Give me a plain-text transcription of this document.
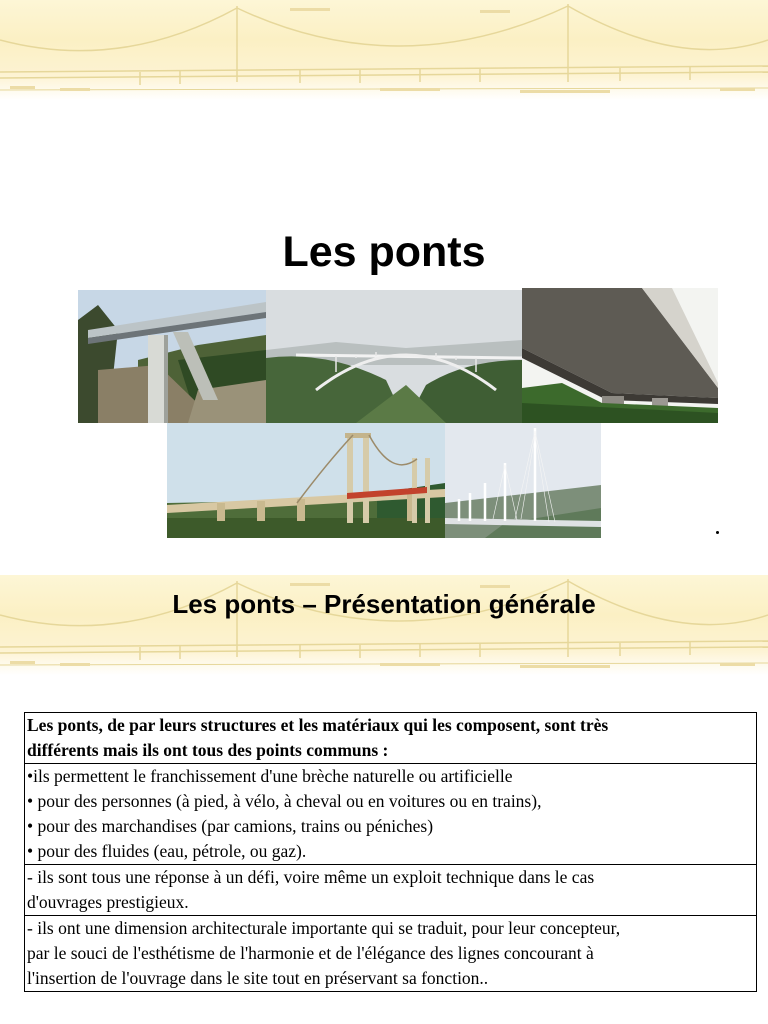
Les ponts
Les ponts – Présentation générale
Les ponts, de par leurs structures et les matériaux qui les composent, sont très
différents mais ils ont tous des points communs :

•ils permettent le franchissement d'une brèche naturelle ou artificielle
• pour des personnes (à pied, à vélo, à cheval ou en voitures ou en trains),
• pour des marchandises (par camions, trains ou péniches)
• pour des fluides (eau, pétrole, ou gaz).

- ils sont tous une réponse à un défi, voire même un exploit technique dans le cas
d'ouvrages prestigieux.

- ils ont une dimension architecturale importante qui se traduit, pour leur concepteur,
par le souci de l'esthétisme de l'harmonie et de l'élégance des lignes concourant à
l'insertion de l'ouvrage dans le site tout en préservant sa fonction..
